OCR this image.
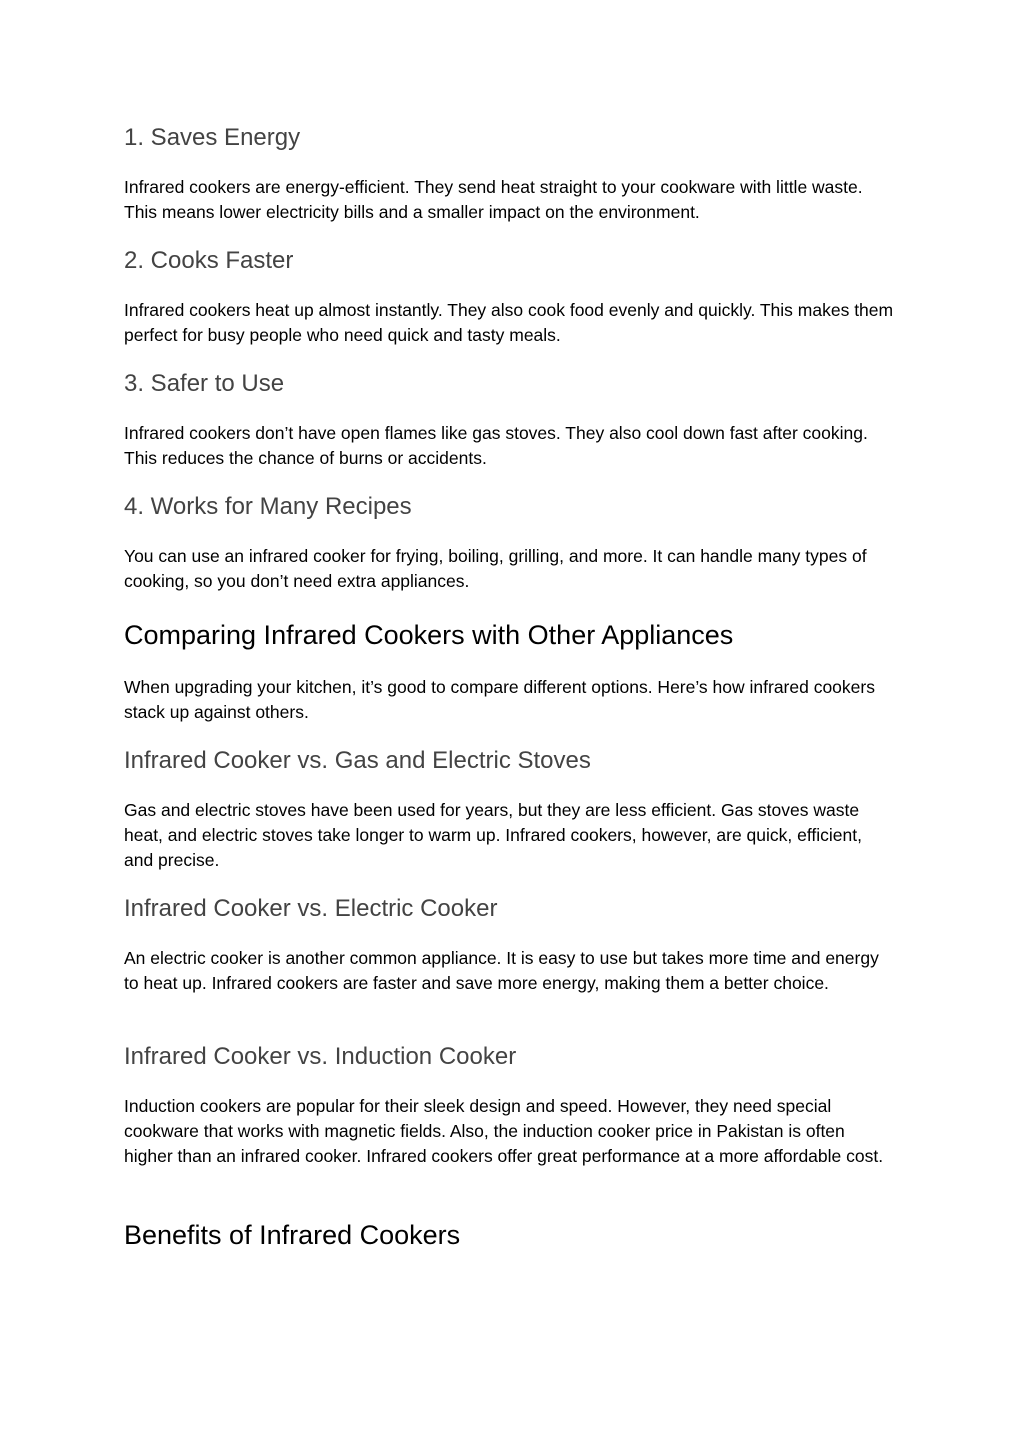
1. Saves Energy

Infrared cookers are energy-efficient. They send heat straight to your cookware with little waste. This means lower electricity bills and a smaller impact on the environment.

2. Cooks Faster

Infrared cookers heat up almost instantly. They also cook food evenly and quickly. This makes them perfect for busy people who need quick and tasty meals.

3. Safer to Use

Infrared cookers don’t have open flames like gas stoves. They also cool down fast after cooking. This reduces the chance of burns or accidents.

4. Works for Many Recipes

You can use an infrared cooker for frying, boiling, grilling, and more. It can handle many types of cooking, so you don’t need extra appliances.

Comparing Infrared Cookers with Other Appliances

When upgrading your kitchen, it’s good to compare different options. Here’s how infrared cookers stack up against others.

Infrared Cooker vs. Gas and Electric Stoves

Gas and electric stoves have been used for years, but they are less efficient. Gas stoves waste heat, and electric stoves take longer to warm up. Infrared cookers, however, are quick, efficient, and precise.

Infrared Cooker vs. Electric Cooker

An electric cooker is another common appliance. It is easy to use but takes more time and energy to heat up. Infrared cookers are faster and save more energy, making them a better choice.

Infrared Cooker vs. Induction Cooker

Induction cookers are popular for their sleek design and speed. However, they need special cookware that works with magnetic fields. Also, the induction cooker price in Pakistan is often higher than an infrared cooker. Infrared cookers offer great performance at a more affordable cost.

Benefits of Infrared Cookers
